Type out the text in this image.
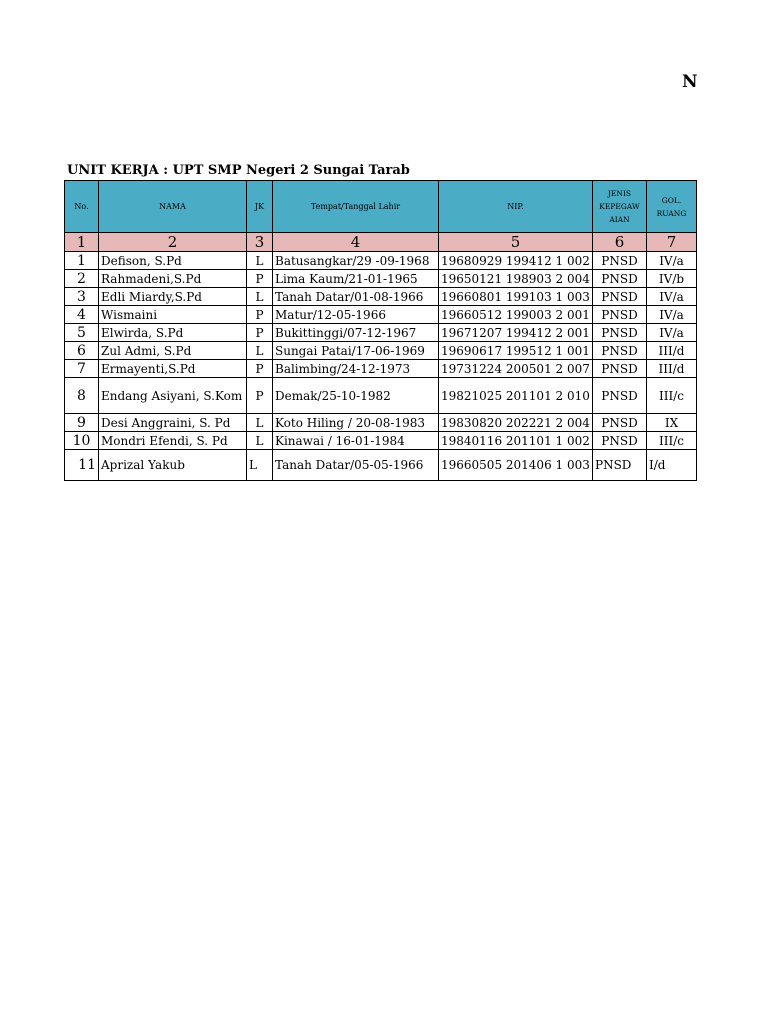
N
UNIT KERJA : UPT SMP Negeri 2 Sungai Tarab
No.	NAMA	JK	Tempat/Tanggal Lahir	NIP.	JENIS KEPEGAW AIAN	GOL. RUANG
1	2	3	4	5	6	7
1	Defison, S.Pd	L	Batusangkar/29 -09-1968	19680929 199412 1 002	PNSD	IV/a
2	Rahmadeni,S.Pd	P	Lima Kaum/21-01-1965	19650121 198903 2 004	PNSD	IV/b
3	Edli Miardy,S.Pd	L	Tanah Datar/01-08-1966	19660801 199103 1 003	PNSD	IV/a
4	Wismaini	P	Matur/12-05-1966	19660512 199003 2 001	PNSD	IV/a
5	Elwirda, S.Pd	P	Bukittinggi/07-12-1967	19671207 199412 2 001	PNSD	IV/a
6	Zul Admi, S.Pd	L	Sungai Patai/17-06-1969	19690617 199512 1 001	PNSD	III/d
7	Ermayenti,S.Pd	P	Balimbing/24-12-1973	19731224 200501 2 007	PNSD	III/d
8	Endang Asiyani, S.Kom	P	Demak/25-10-1982	19821025 201101 2 010	PNSD	III/c
9	Desi Anggraini, S. Pd	L	Koto Hiling / 20-08-1983	19830820 202221 2 004	PNSD	IX
10	Mondri Efendi, S. Pd	L	Kinawai / 16-01-1984	19840116 201101 1 002	PNSD	III/c
11	Aprizal Yakub	L	Tanah Datar/05-05-1966	19660505 201406 1 003	PNSD	I/d
